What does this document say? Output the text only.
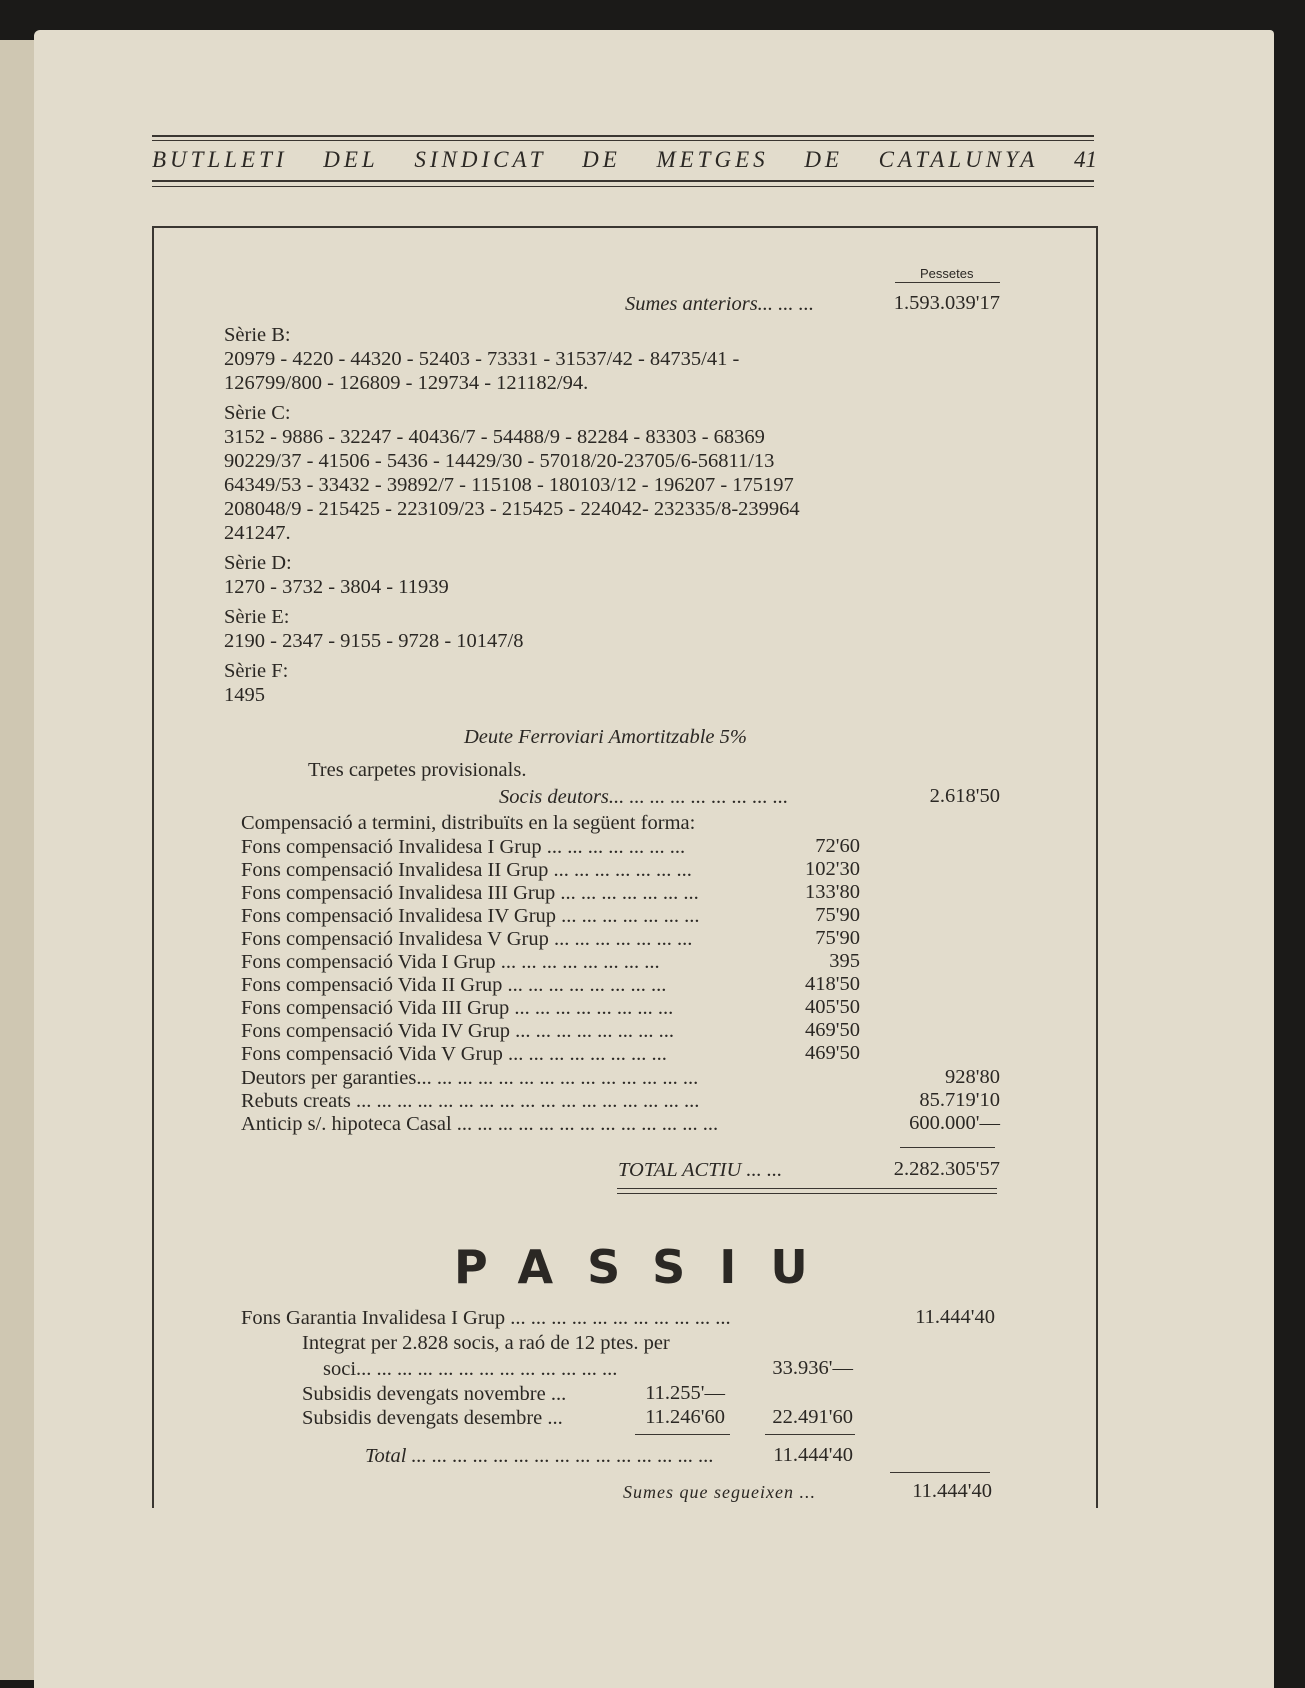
BUTLLETI DEL SINDICAT DE METGES DE CATALUNYA 41
Pessetes
Sumes anteriors... ... ...	1.593.039'17
Sèrie B:
20979 - 4220 - 44320 - 52403 - 73331 - 31537/42 - 84735/41 -
126799/800 - 126809 - 129734 - 121182/94.
Sèrie C:
3152 - 9886 - 32247 - 40436/7 - 54488/9 - 82284 - 83303 - 68369
90229/37 - 41506 - 5436 - 14429/30 - 57018/20-23705/6-56811/13
64349/53 - 33432 - 39892/7 - 115108 - 180103/12 - 196207 - 175197
208048/9 - 215425 - 223109/23 - 215425 - 224042- 232335/8-239964
241247.
Sèrie D:
1270 - 3732 - 3804 - 11939
Sèrie E:
2190 - 2347 - 9155 - 9728 - 10147/8
Sèrie F:
1495
Deute Ferroviari Amortitzable 5%
Tres carpetes provisionals.
Socis deutors... ... ... ... ... ... ... ... ...	2.618'50
Compensació a termini, distribuïts en la següent forma:
Fons compensació Invalidesa I Grup ... ... ... ... ... ... ...	72'60
Fons compensació Invalidesa II Grup ... ... ... ... ... ... ...	102'30
Fons compensació Invalidesa III Grup ... ... ... ... ... ... ...	133'80
Fons compensació Invalidesa IV Grup ... ... ... ... ... ... ...	75'90
Fons compensació Invalidesa V Grup ... ... ... ... ... ... ...	75'90
Fons compensació Vida I Grup ... ... ... ... ... ... ... ...	395
Fons compensació Vida II Grup ... ... ... ... ... ... ... ...	418'50
Fons compensació Vida III Grup ... ... ... ... ... ... ... ...	405'50
Fons compensació Vida IV Grup ... ... ... ... ... ... ... ...	469'50
Fons compensació Vida V Grup ... ... ... ... ... ... ... ...	469'50
Deutors per garanties... ... ... ... ... ... ... ... ... ... ... ... ... ...	928'80
Rebuts creats ... ... ... ... ... ... ... ... ... ... ... ... ... ... ... ... ...	85.719'10
Anticip s/. hipoteca Casal ... ... ... ... ... ... ... ... ... ... ... ... ...	600.000'—
TOTAL ACTIU ... ...	2.282.305'57
PASSIU
Fons Garantia Invalidesa I Grup ... ... ... ... ... ... ... ... ... ... ...	11.444'40
Integrat per 2.828 socis, a raó de 12 ptes. per
soci... ... ... ... ... ... ... ... ... ... ... ... ...	33.936'—
Subsidis devengats novembre ...	11.255'—
Subsidis devengats desembre ...	11.246'60	22.491'60
Total ... ... ... ... ... ... ... ... ... ... ... ... ... ... ...	11.444'40
Sumes que segueixen ...	11.444'40
